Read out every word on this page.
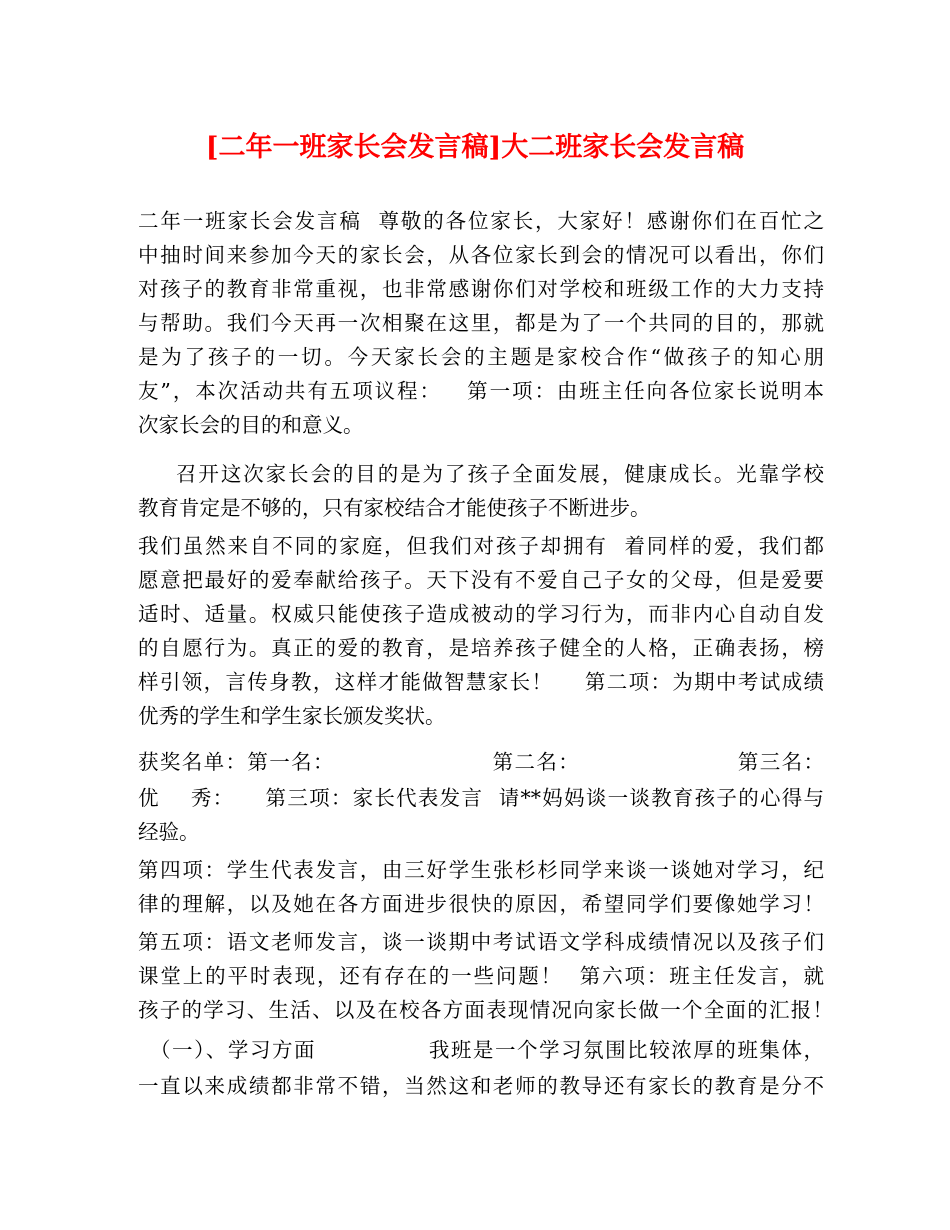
[二年一班家长会发言稿]大二班家长会发言稿
二年一班家长会发言稿  尊敬的各位家长，大家好！感谢你们在百忙之
中抽时间来参加今天的家长会，从各位家长到会的情况可以看出，你们
对孩子的教育非常重视，也非常感谢你们对学校和班级工作的大力支持
与帮助。我们今天再一次相聚在这里，都是为了一个共同的目的，那就
是为了孩子的一切。今天家长会的主题是家校合作“做孩子的知心朋
友”，本次活动共有五项议程：   第一项：由班主任向各位家长说明本
次家长会的目的和意义。
召开这次家长会的目的是为了孩子全面发展，健康成长。光靠学校
教育肯定是不够的，只有家校结合才能使孩子不断进步。
我们虽然来自不同的家庭，但我们对孩子却拥有  着同样的爱，我们都
愿意把最好的爱奉献给孩子。天下没有不爱自己子女的父母，但是爱要
适时、适量。权威只能使孩子造成被动的学习行为，而非内心自动自发
的自愿行为。真正的爱的教育，是培养孩子健全的人格，正确表扬，榜
样引领，言传身教，这样才能做智慧家长！    第二项：为期中考试成绩
优秀的学生和学生家长颁发奖状。
获奖名单：第一名：                    第二名：                    第三名：
优    秀：    第三项：家长代表发言  请**妈妈谈一谈教育孩子的心得与
经验。
第四项：学生代表发言，由三好学生张杉杉同学来谈一谈她对学习，纪
律的理解，以及她在各方面进步很快的原因，希望同学们要像她学习！
第五项：语文老师发言，谈一谈期中考试语文学科成绩情况以及孩子们
课堂上的平时表现，还有存在的一些问题！  第六项：班主任发言，就
孩子的学习、生活、以及在校各方面表现情况向家长做一个全面的汇报！
（一）、学习方面              我班是一个学习氛围比较浓厚的班集体，
一直以来成绩都非常不错，当然这和老师的教导还有家长的教育是分不
